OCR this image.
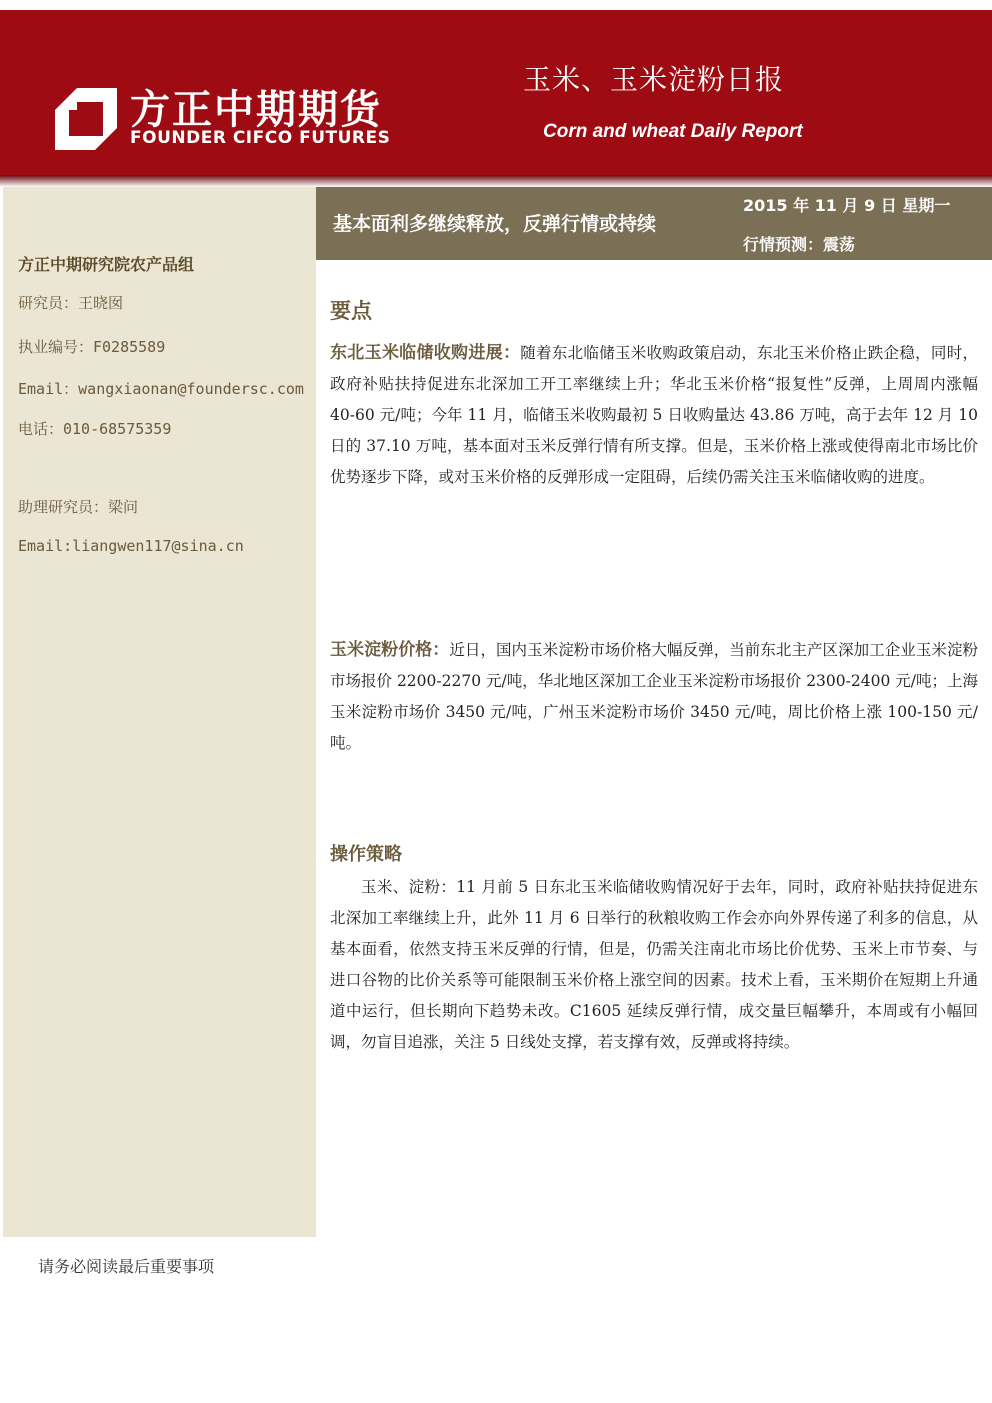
方正中期期货
FOUNDER CIFCO FUTURES
玉米、玉米淀粉日报
Corn and wheat Daily Report
基本面利多继续释放，反弹行情或持续
2015 年 11 月 9 日 星期一
行情预测：震荡
方正中期研究院农产品组
研究员：王晓囡
执业编号：F0285589
Email：wangxiaonan@foundersc.com
电话：010-68575359
助理研究员：梁问
Email:liangwen117@sina.cn
要点
东北玉米临储收购进展：随着东北临储玉米收购政策启动，东北玉米价格止跌企稳，同时，政府补贴扶持促进东北深加工开工率继续上升；华北玉米价格“报复性”反弹，上周周内涨幅 40-60 元/吨；今年 11 月，临储玉米收购最初 5 日收购量达 43.86 万吨，高于去年 12 月 10 日的 37.10 万吨，基本面对玉米反弹行情有所支撑。但是，玉米价格上涨或使得南北市场比价优势逐步下降，或对玉米价格的反弹形成一定阻碍，后续仍需关注玉米临储收购的进度。
玉米淀粉价格：近日，国内玉米淀粉市场价格大幅反弹，当前东北主产区深加工企业玉米淀粉市场报价 2200-2270 元/吨，华北地区深加工企业玉米淀粉市场报价 2300-2400 元/吨；上海玉米淀粉市场价 3450 元/吨，广州玉米淀粉市场价 3450 元/吨，周比价格上涨 100-150 元/吨。
操作策略
玉米、淀粉：11 月前 5 日东北玉米临储收购情况好于去年，同时，政府补贴扶持促进东北深加工率继续上升，此外 11 月 6 日举行的秋粮收购工作会亦向外界传递了利多的信息，从基本面看，依然支持玉米反弹的行情，但是，仍需关注南北市场比价优势、玉米上市节奏、与进口谷物的比价关系等可能限制玉米价格上涨空间的因素。技术上看，玉米期价在短期上升通道中运行，但长期向下趋势未改。C1605 延续反弹行情，成交量巨幅攀升，本周或有小幅回调，勿盲目追涨，关注 5 日线处支撑，若支撑有效，反弹或将持续。
请务必阅读最后重要事项
